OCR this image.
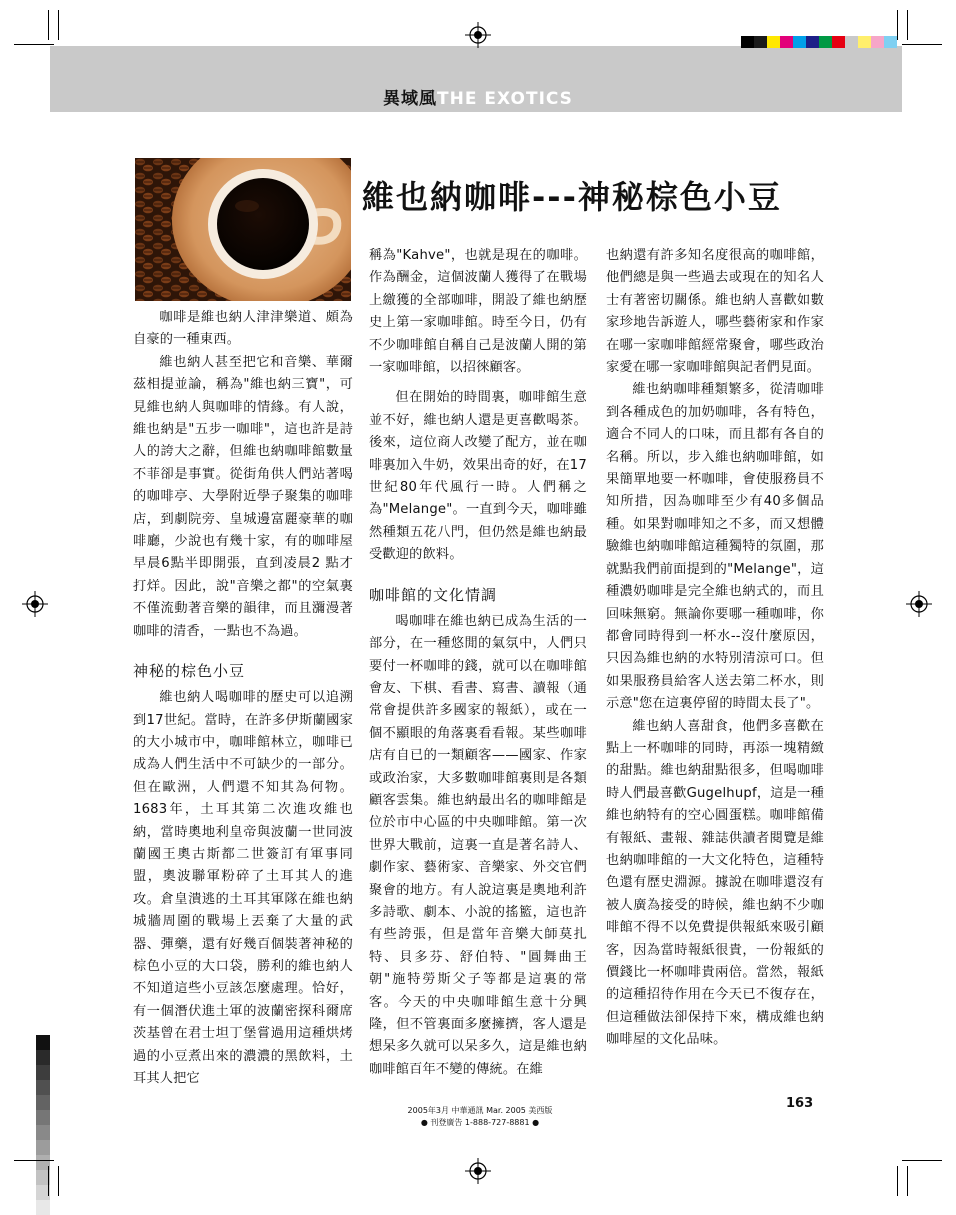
異域風THE EXOTICS
維也納咖啡---神秘棕色小豆

咖啡是維也納人津津樂道、頗為自豪的一種東西。

維也納人甚至把它和音樂、華爾茲相提並論，稱為"維也納三寶"，可見維也納人與咖啡的情緣。有人說，維也納是"五步一咖啡"，這也許是詩人的誇大之辭，但維也納咖啡館數量不菲卻是事實。從街角供人們站著喝的咖啡亭、大學附近學子聚集的咖啡店，到劇院旁、皇城邊富麗豪華的咖啡廳，少說也有幾十家，有的咖啡屋早晨6點半即開張，直到凌晨2 點才打烊。因此，說"音樂之都"的空氣裏不僅流動著音樂的韻律，而且瀰漫著咖啡的清香，一點也不為過。

神秘的棕色小豆

維也納人喝咖啡的歷史可以追溯到17世紀。當時，在許多伊斯蘭國家的大小城市中，咖啡館林立，咖啡已成為人們生活中不可缺少的一部分。但在歐洲，人們還不知其為何物。1683年，土耳其第二次進攻維也納，當時奧地利皇帝與波蘭一世同波蘭國王奧古斯都二世簽訂有軍事同盟，奧波聯軍粉碎了土耳其人的進攻。倉皇潰逃的土耳其軍隊在維也納城牆周圍的戰場上丟棄了大量的武器、彈藥，還有好幾百個裝著神秘的棕色小豆的大口袋，勝利的維也納人不知道這些小豆該怎麼處理。恰好，有一個潛伏進土軍的波蘭密探科爾席茨基曾在君士坦丁堡嘗過用這種烘烤過的小豆煮出來的濃濃的黑飲料，土耳其人把它

稱為"Kahve"，也就是現在的咖啡。作為酬金，這個波蘭人獲得了在戰場上繳獲的全部咖啡，開設了維也納歷史上第一家咖啡館。時至今日，仍有不少咖啡館自稱自己是波蘭人開的第一家咖啡館，以招徠顧客。

但在開始的時間裏，咖啡館生意並不好，維也納人還是更喜歡喝茶。後來，這位商人改變了配方，並在咖啡裏加入牛奶，效果出奇的好，在17世紀80年代風行一時。人們稱之為"Melange"。一直到今天，咖啡雖然種類五花八門，但仍然是維也納最受歡迎的飲料。

咖啡館的文化情調

喝咖啡在維也納已成為生活的一部分，在一種悠閒的氣氛中，人們只要付一杯咖啡的錢，就可以在咖啡館會友、下棋、看書、寫書、讀報（通常會提供許多國家的報紙），或在一個不顯眼的角落裏看看報。某些咖啡店有自已的一類顧客——國家、作家或政治家，大多數咖啡館裏則是各類顧客雲集。維也納最出名的咖啡館是位於市中心區的中央咖啡館。第一次世界大戰前，這裏一直是著名詩人、劇作家、藝術家、音樂家、外交官們聚會的地方。有人說這裏是奧地利許多詩歌、劇本、小說的搖籃，這也許有些誇張，但是當年音樂大師莫扎特、貝多芬、舒伯特、"圓舞曲王朝"施特勞斯父子等都是這裏的常客。今天的中央咖啡館生意十分興隆，但不管裏面多麼擁擠，客人還是想呆多久就可以呆多久，這是維也納咖啡館百年不變的傳統。在維

也納還有許多知名度很高的咖啡館，他們總是與一些過去或現在的知名人士有著密切關係。維也納人喜歡如數家珍地告訴遊人，哪些藝術家和作家在哪一家咖啡館經常聚會，哪些政治家愛在哪一家咖啡館與記者們見面。

維也納咖啡種類繁多，從清咖啡到各種成色的加奶咖啡，各有特色，適合不同人的口味，而且都有各自的名稱。所以，步入維也納咖啡館，如果簡單地要一杯咖啡，會使服務員不知所措，因為咖啡至少有40多個品種。如果對咖啡知之不多，而又想體驗維也納咖啡館這種獨特的氛圍，那就點我們前面提到的"Melange"，這種濃奶咖啡是完全維也納式的，而且回味無窮。無論你要哪一種咖啡，你都會同時得到一杯水--沒什麼原因，只因為維也納的水特別清涼可口。但如果服務員給客人送去第二杯水，則示意"您在這裏停留的時間太長了"。

維也納人喜甜食，他們多喜歡在點上一杯咖啡的同時，再添一塊精緻的甜點。維也納甜點很多，但喝咖啡時人們最喜歡Gugelhupf，這是一種維也納特有的空心圓蛋糕。咖啡館備有報紙、畫報、雜誌供讀者閱覽是維也納咖啡館的一大文化特色，這種特色還有歷史淵源。據說在咖啡還沒有被人廣為接受的時候，維也納不少咖啡館不得不以免費提供報紙來吸引顧客，因為當時報紙很貴，一份報紙的價錢比一杯咖啡貴兩倍。當然，報紙的這種招待作用在今天已不復存在，但這種做法卻保持下來，構成維也納咖啡屋的文化品味。

163
2005年3月 中華通訊 Mar. 2005 美西版
● 刊登廣告 1-888-727-8881 ●
